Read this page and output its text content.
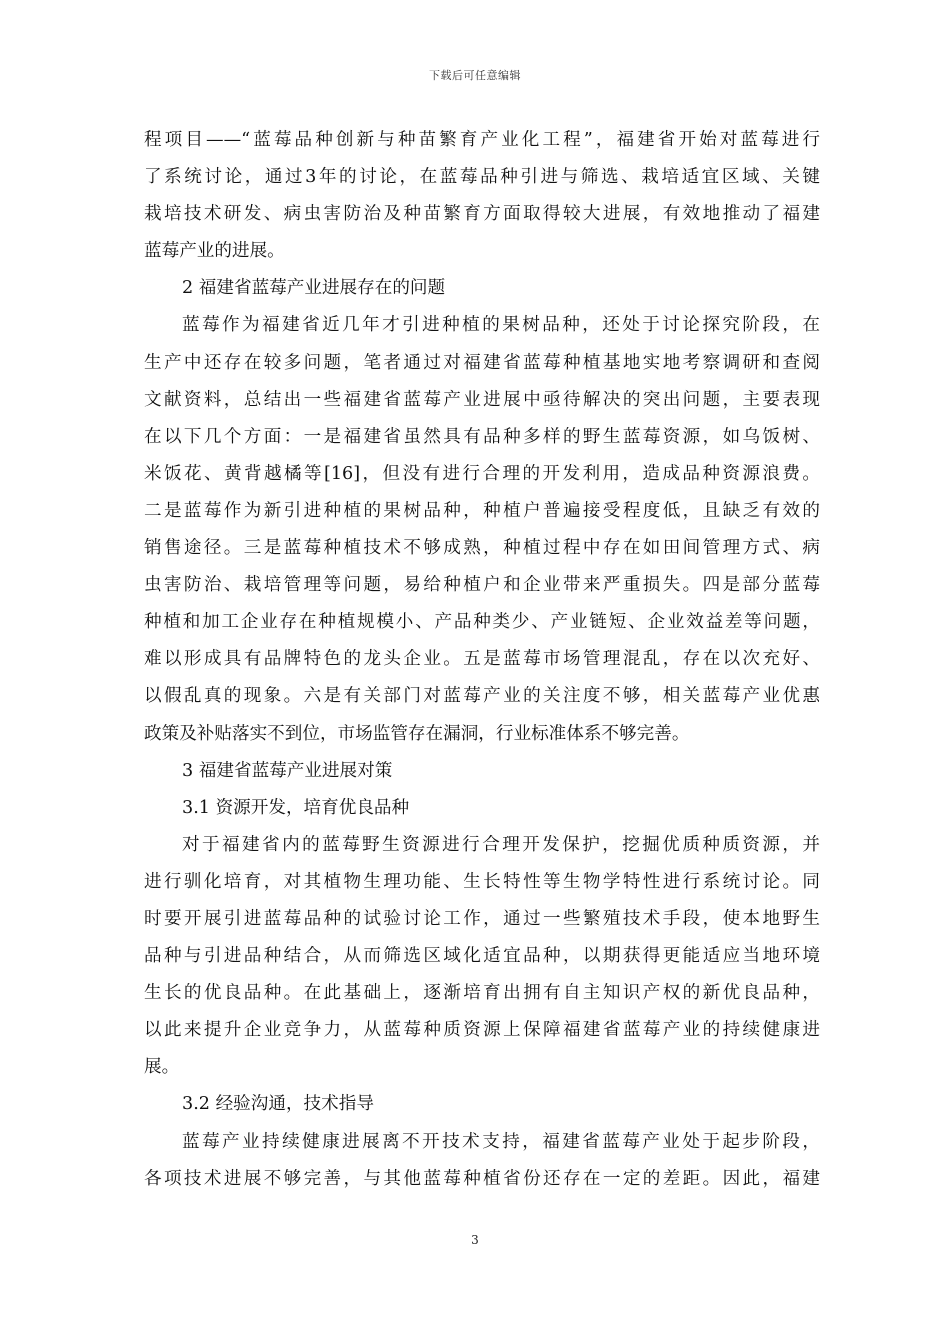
下载后可任意编辑
程项目——“蓝莓品种创新与种苗繁育产业化工程”，福建省开始对蓝莓进行
了系统讨论，通过3年的讨论，在蓝莓品种引进与筛选、栽培适宜区域、关键
栽培技术研发、病虫害防治及种苗繁育方面取得较大进展，有效地推动了福建
蓝莓产业的进展。
2 福建省蓝莓产业进展存在的问题
蓝莓作为福建省近几年才引进种植的果树品种，还处于讨论探究阶段，在
生产中还存在较多问题，笔者通过对福建省蓝莓种植基地实地考察调研和查阅
文献资料，总结出一些福建省蓝莓产业进展中亟待解决的突出问题，主要表现
在以下几个方面：一是福建省虽然具有品种多样的野生蓝莓资源，如乌饭树、
米饭花、黄背越橘等[16]，但没有进行合理的开发利用，造成品种资源浪费。
二是蓝莓作为新引进种植的果树品种，种植户普遍接受程度低，且缺乏有效的
销售途径。三是蓝莓种植技术不够成熟，种植过程中存在如田间管理方式、病
虫害防治、栽培管理等问题，易给种植户和企业带来严重损失。四是部分蓝莓
种植和加工企业存在种植规模小、产品种类少、产业链短、企业效益差等问题，
难以形成具有品牌特色的龙头企业。五是蓝莓市场管理混乱，存在以次充好、
以假乱真的现象。六是有关部门对蓝莓产业的关注度不够，相关蓝莓产业优惠
政策及补贴落实不到位，市场监管存在漏洞，行业标准体系不够完善。
3 福建省蓝莓产业进展对策
3.1 资源开发，培育优良品种
对于福建省内的蓝莓野生资源进行合理开发保护，挖掘优质种质资源，并
进行驯化培育，对其植物生理功能、生长特性等生物学特性进行系统讨论。同
时要开展引进蓝莓品种的试验讨论工作，通过一些繁殖技术手段，使本地野生
品种与引进品种结合，从而筛选区域化适宜品种，以期获得更能适应当地环境
生长的优良品种。在此基础上，逐渐培育出拥有自主知识产权的新优良品种，
以此来提升企业竞争力，从蓝莓种质资源上保障福建省蓝莓产业的持续健康进
展。
3.2 经验沟通，技术指导
蓝莓产业持续健康进展离不开技术支持，福建省蓝莓产业处于起步阶段，
各项技术进展不够完善，与其他蓝莓种植省份还存在一定的差距。因此，福建
3
